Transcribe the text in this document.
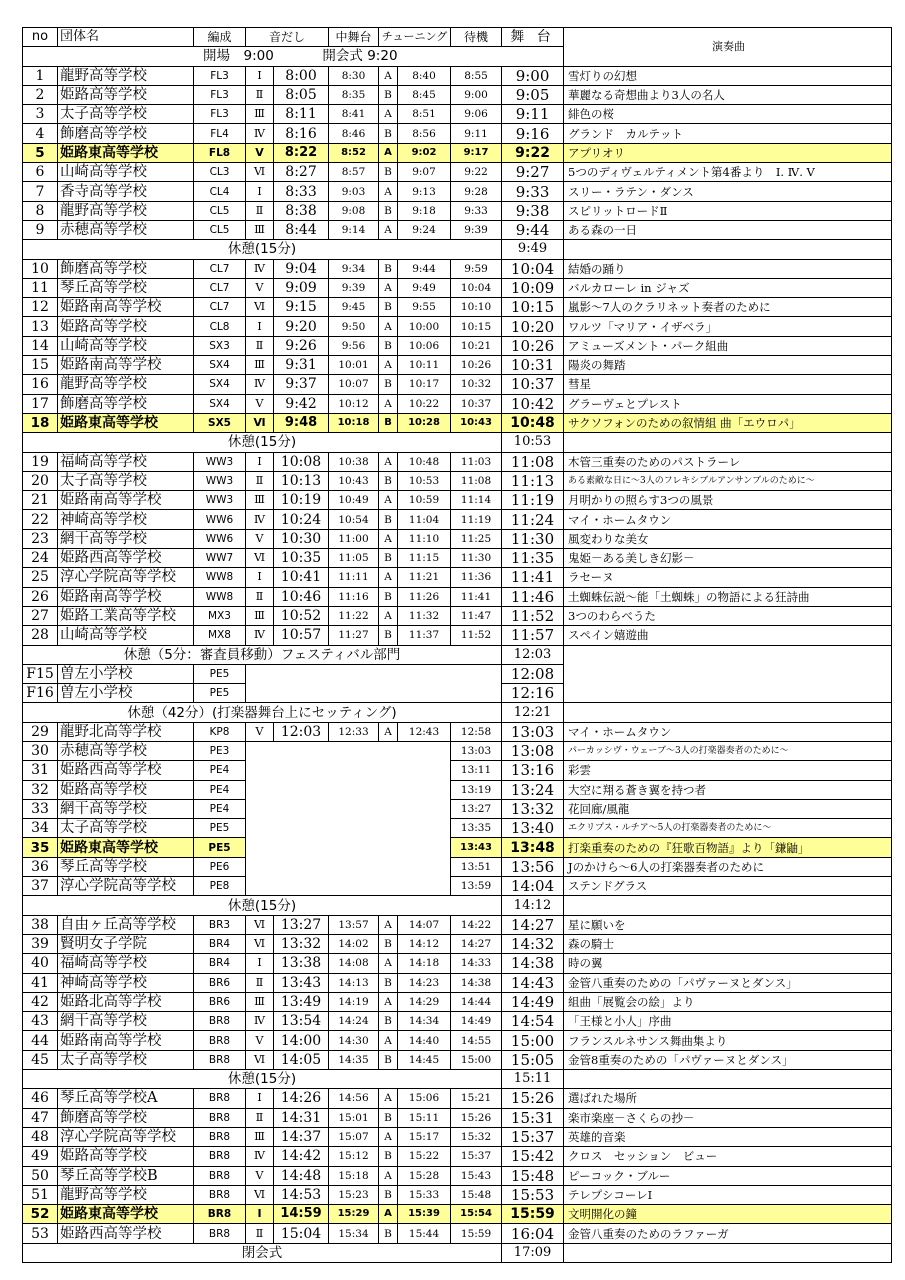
no	団体名	編成	音だし		中舞台	チューニング		待機	舞 台	演奏曲
開場　9:00 開会式 9:20										
1	龍野高等学校	FL3	Ⅰ	8:00	8:30	A	8:40	8:55	9:00	雪灯りの幻想
2	姫路高等学校	FL3	Ⅱ	8:05	8:35	B	8:45	9:00	9:05	華麗なる奇想曲より3人の名人
3	太子高等学校	FL3	Ⅲ	8:11	8:41	A	8:51	9:06	9:11	緋色の桜
4	飾磨高等学校	FL4	Ⅳ	8:16	8:46	B	8:56	9:11	9:16	グランド　カルテット
5	姫路東高等学校	FL8	Ⅴ	8:22	8:52	A	9:02	9:17	9:22	アプリオリ
6	山崎高等学校	CL3	Ⅵ	8:27	8:57	B	9:07	9:22	9:27	5つのディヴェルティメント第4番より　Ⅰ. Ⅳ. Ⅴ
7	香寺高等学校	CL4	Ⅰ	8:33	9:03	A	9:13	9:28	9:33	スリー・ラテン・ダンス
8	龍野高等学校	CL5	Ⅱ	8:38	9:08	B	9:18	9:33	9:38	スピリットロードⅡ
9	赤穂高等学校	CL5	Ⅲ	8:44	9:14	A	9:24	9:39	9:44	ある森の一日
休憩(15分)									9:49	
10	飾磨高等学校	CL7	Ⅳ	9:04	9:34	B	9:44	9:59	10:04	結婚の踊り
11	琴丘高等学校	CL7	Ⅴ	9:09	9:39	A	9:49	10:04	10:09	バルカローレ in ジャズ
12	姫路南高等学校	CL7	Ⅵ	9:15	9:45	B	9:55	10:10	10:15	嵐影～7人のクラリネット奏者のために
13	姫路高等学校	CL8	Ⅰ	9:20	9:50	A	10:00	10:15	10:20	ワルツ「マリア・イザベラ」
14	山崎高等学校	SX3	Ⅱ	9:26	9:56	B	10:06	10:21	10:26	アミューズメント・パーク組曲
15	姫路南高等学校	SX4	Ⅲ	9:31	10:01	A	10:11	10:26	10:31	陽炎の舞踏
16	龍野高等学校	SX4	Ⅳ	9:37	10:07	B	10:17	10:32	10:37	彗星
17	飾磨高等学校	SX4	Ⅴ	9:42	10:12	A	10:22	10:37	10:42	グラーヴェとプレスト
18	姫路東高等学校	SX5	Ⅵ	9:48	10:18	B	10:28	10:43	10:48	サクソフォンのための叙情組 曲「エウロパ」
休憩(15分)									10:53	
19	福崎高等学校	WW3	Ⅰ	10:08	10:38	A	10:48	11:03	11:08	木管三重奏のためのパストラーレ
20	太子高等学校	WW3	Ⅱ	10:13	10:43	B	10:53	11:08	11:13	ある素敵な日に～3人のフレキシブルアンサンブルのために～
21	姫路南高等学校	WW3	Ⅲ	10:19	10:49	A	10:59	11:14	11:19	月明かりの照らす3つの風景
22	神崎高等学校	WW6	Ⅳ	10:24	10:54	B	11:04	11:19	11:24	マイ・ホームタウン
23	網干高等学校	WW6	Ⅴ	10:30	11:00	A	11:10	11:25	11:30	風変わりな美女
24	姫路西高等学校	WW7	Ⅵ	10:35	11:05	B	11:15	11:30	11:35	鬼姫－ある美しき幻影－
25	淳心学院高等学校	WW8	Ⅰ	10:41	11:11	A	11:21	11:36	11:41	ラセーヌ
26	姫路南高等学校	WW8	Ⅱ	10:46	11:16	B	11:26	11:41	11:46	土蜘蛛伝説～能「土蜘蛛」の物語による狂詩曲
27	姫路工業高等学校	MX3	Ⅲ	10:52	11:22	A	11:32	11:47	11:52	3つのわらべうた
28	山崎高等学校	MX8	Ⅳ	10:57	11:27	B	11:37	11:52	11:57	スペイン嬉遊曲
休憩（5分：審査員移動）フェスティバル部門									12:03	
F15	曽左小学校	PE5							12:08	
F16	曽左小学校	PE5							12:16	
休憩（42分）(打楽器舞台上にセッティング)									12:21	
29	龍野北高等学校	KP8	Ⅴ	12:03	12:33	A	12:43	12:58	13:03	マイ・ホームタウン
30	赤穂高等学校	PE3						13:03	13:08	パーカッシヴ・ウェーブ～3人の打楽器奏者のために～
31	姫路西高等学校	PE4						13:11	13:16	彩雲
32	姫路高等学校	PE4						13:19	13:24	大空に翔る蒼き翼を持つ者
33	網干高等学校	PE4						13:27	13:32	花回廊/風龍
34	太子高等学校	PE5						13:35	13:40	エクリプス・ルチア～5人の打楽器奏者のために～
35	姫路東高等学校	PE5						13:43	13:48	打楽重奏のための『狂歌百物語』より「鎌鼬」
36	琴丘高等学校	PE6						13:51	13:56	Jのかけら～6人の打楽器奏者のために
37	淳心学院高等学校	PE8						13:59	14:04	ステンドグラス
休憩(15分)									14:12	
38	自由ヶ丘高等学校	BR3	Ⅵ	13:27	13:57	A	14:07	14:22	14:27	星に願いを
39	賢明女子学院	BR4	Ⅵ	13:32	14:02	B	14:12	14:27	14:32	森の騎士
40	福崎高等学校	BR4	Ⅰ	13:38	14:08	A	14:18	14:33	14:38	時の翼
41	神崎高等学校	BR6	Ⅱ	13:43	14:13	B	14:23	14:38	14:43	金管八重奏のための「パヴァーヌとダンス」
42	姫路北高等学校	BR6	Ⅲ	13:49	14:19	A	14:29	14:44	14:49	組曲「展覧会の絵」より
43	網干高等学校	BR8	Ⅳ	13:54	14:24	B	14:34	14:49	14:54	「王様と小人」序曲
44	姫路南高等学校	BR8	Ⅴ	14:00	14:30	A	14:40	14:55	15:00	フランスルネサンス舞曲集より
45	太子高等学校	BR8	Ⅵ	14:05	14:35	B	14:45	15:00	15:05	金管8重奏のための「パヴァーヌとダンス」
休憩(15分)									15:11	
46	琴丘高等学校A	BR8	Ⅰ	14:26	14:56	A	15:06	15:21	15:26	選ばれた場所
47	飾磨高等学校	BR8	Ⅱ	14:31	15:01	B	15:11	15:26	15:31	楽市楽座－さくらの抄－
48	淳心学院高等学校	BR8	Ⅲ	14:37	15:07	A	15:17	15:32	15:37	英雄的音楽
49	姫路高等学校	BR8	Ⅳ	14:42	15:12	B	15:22	15:37	15:42	クロス　セッション　ビュー
50	琴丘高等学校B	BR8	Ⅴ	14:48	15:18	A	15:28	15:43	15:48	ピーコック・ブルー
51	龍野高等学校	BR8	Ⅵ	14:53	15:23	B	15:33	15:48	15:53	テレプシコーレⅠ
52	姫路東高等学校	BR8	Ⅰ	14:59	15:29	A	15:39	15:54	15:59	文明開化の鐘
53	姫路西高等学校	BR8	Ⅱ	15:04	15:34	B	15:44	15:59	16:04	金管八重奏のためのラファーガ
閉会式									17:09	
